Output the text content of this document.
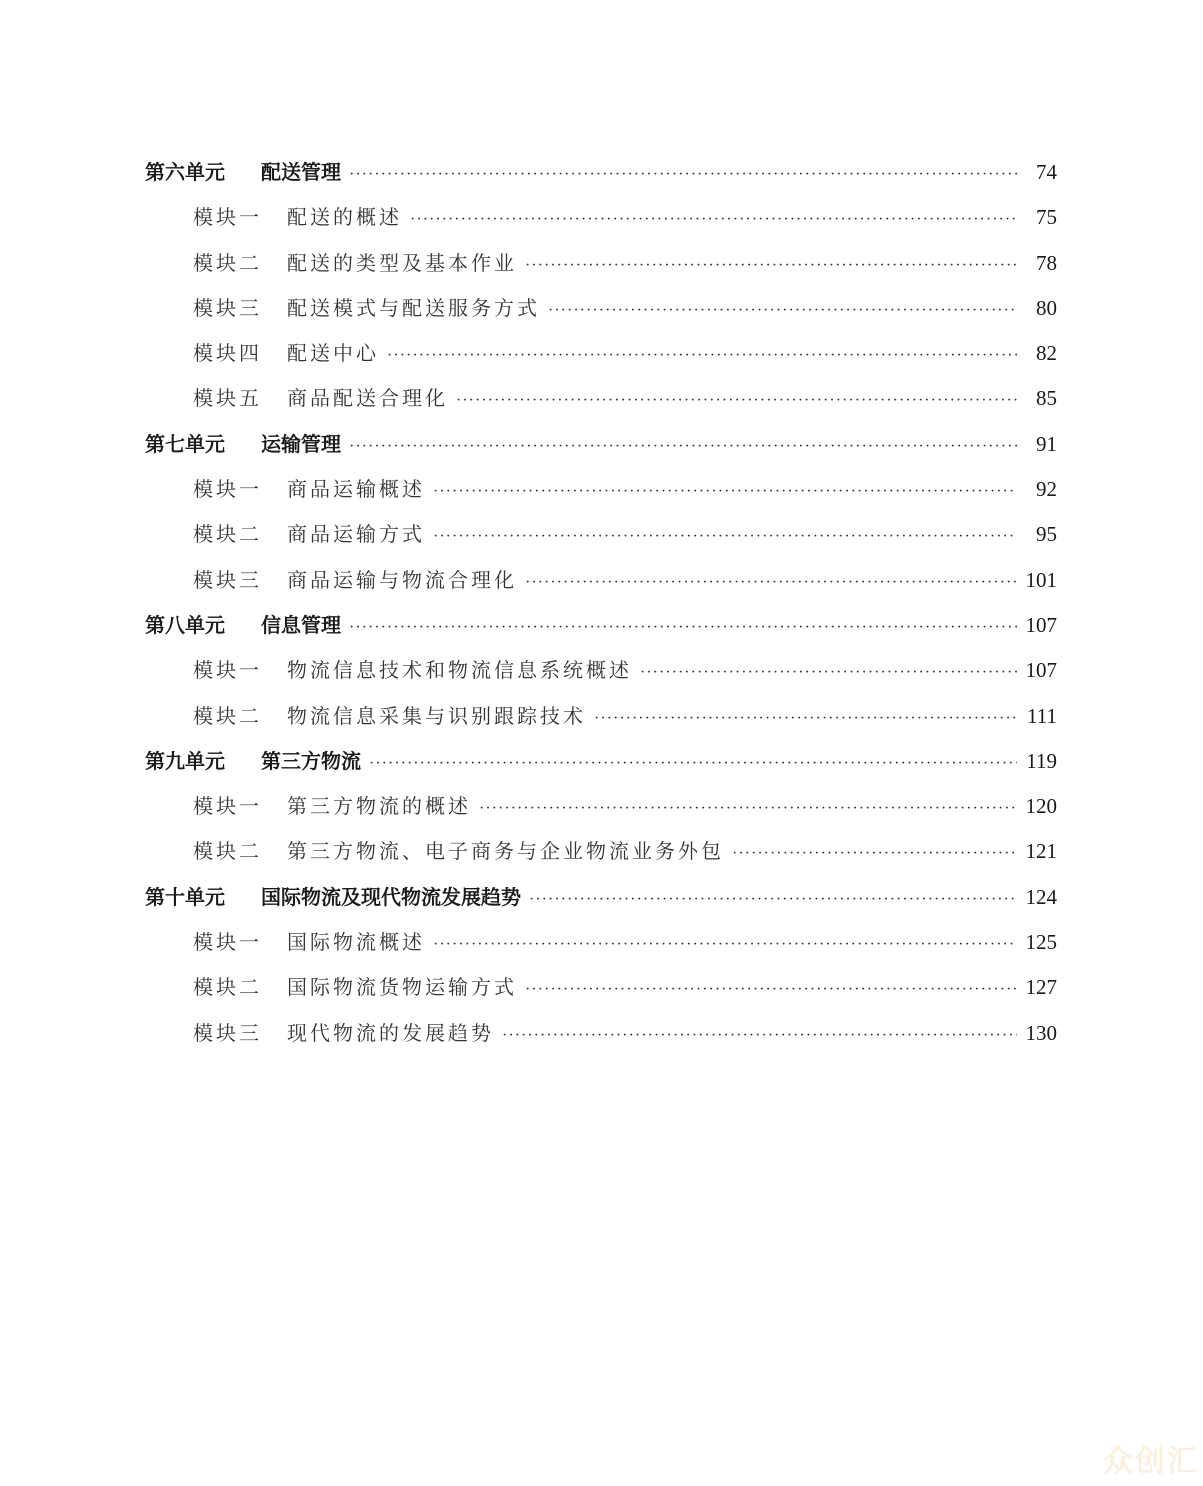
第六单元	配送管理 ·····	74
模块一	配送的概述 ·····	75
模块二	配送的类型及基本作业 ·····	78
模块三	配送模式与配送服务方式 ·····	80
模块四	配送中心 ·····	82
模块五	商品配送合理化 ·····	85
第七单元	运输管理 ·····	91
模块一	商品运输概述 ·····	92
模块二	商品运输方式 ·····	95
模块三	商品运输与物流合理化 ·····	101
第八单元	信息管理 ·····	107
模块一	物流信息技术和物流信息系统概述 ·····	107
模块二	物流信息采集与识别跟踪技术 ·····	111
第九单元	第三方物流 ·····	119
模块一	第三方物流的概述 ·····	120
模块二	第三方物流、电子商务与企业物流业务外包 ·····	121
第十单元	国际物流及现代物流发展趋势 ·····	124
模块一	国际物流概述 ·····	125
模块二	国际物流货物运输方式 ·····	127
模块三	现代物流的发展趋势 ·····	130
众创汇
